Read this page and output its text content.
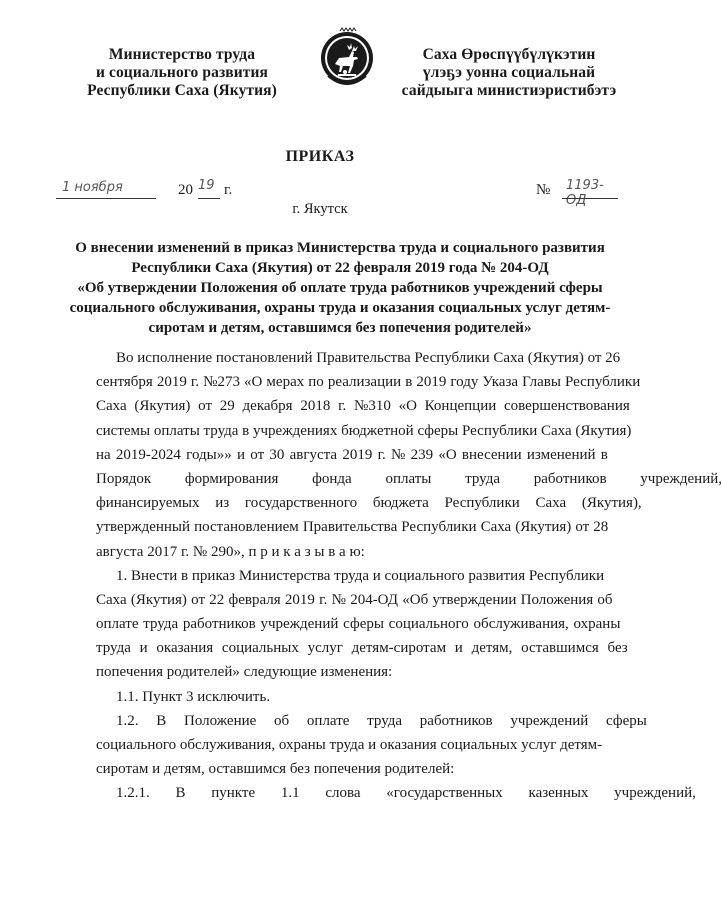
Министерство труда
и социального развития
Республики Саха (Якутия)
Саха Өрөспүүбүлүкэтин
үлэҕэ уонна социальнай
сайдыыга министиэристибэтэ
ПРИКАЗ
1 ноября	20 19 г.	№ 1193-ОД
г. Якутск
О внесении изменений в приказ Министерства труда и социального развития
Республики Саха (Якутия) от 22 февраля 2019 года № 204-ОД
«Об утверждении Положения об оплате труда работников учреждений сферы
социального обслуживания, охраны труда и оказания социальных услуг детям-
сиротам и детям, оставшимся без попечения родителей»
Во исполнение постановлений Правительства Республики Саха (Якутия) от 26
сентября 2019 г. №273 «О мерах по реализации в 2019 году Указа Главы Республики
Саха (Якутия) от 29 декабря 2018 г. №310 «О Концепции совершенствования
системы оплаты труда в учреждениях бюджетной сферы Республики Саха (Якутия)
на 2019-2024 годы»» и от 30 августа 2019 г. № 239 «О внесении изменений в
Порядок формирования фонда оплаты труда работников учреждений,
финансируемых из государственного бюджета Республики Саха (Якутия),
утвержденный постановлением Правительства Республики Саха (Якутия) от 28
августа 2017 г. № 290», п р и к а з ы в а ю:
1. Внести в приказ Министерства труда и социального развития Республики
Саха (Якутия) от 22 февраля 2019 г. № 204-ОД «Об утверждении Положения об
оплате труда работников учреждений сферы социального обслуживания, охраны
труда и оказания социальных услуг детям-сиротам и детям, оставшимся без
попечения родителей» следующие изменения:
1.1. Пункт 3 исключить.
1.2. В Положение об оплате труда работников учреждений сферы
социального обслуживания, охраны труда и оказания социальных услуг детям-
сиротам и детям, оставшимся без попечения родителей:
1.2.1. В пункте 1.1 слова «государственных казенных учреждений,
